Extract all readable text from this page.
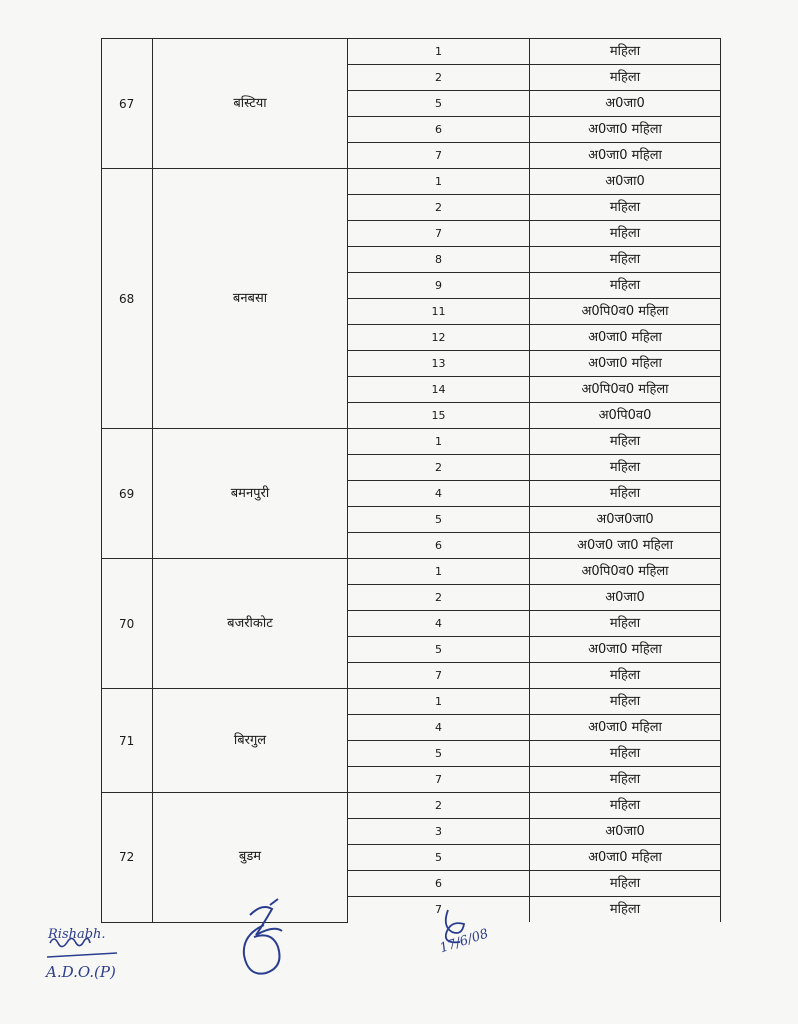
67	बस्टिया	1	महिला
		2	महिला
		5	अ0जा0
		6	अ0जा0 महिला
		7	अ0जा0 महिला
68	बनबसा	1	अ0जा0
		2	महिला
		7	महिला
		8	महिला
		9	महिला
		11	अ0पि0व0 महिला
		12	अ0जा0 महिला
		13	अ0जा0 महिला
		14	अ0पि0व0 महिला
		15	अ0पि0व0
69	बमनपुरी	1	महिला
		2	महिला
		4	महिला
		5	अ0ज0जा0
		6	अ0ज0 जा0 महिला
70	बजरीकोट	1	अ0पि0व0 महिला
		2	अ0जा0
		4	महिला
		5	अ0जा0 महिला
		7	महिला
71	बिरगुल	1	महिला
		4	अ0जा0 महिला
		5	महिला
		7	महिला
72	बुडम	2	महिला
		3	अ0जा0
		5	अ0जा0 महिला
		6	महिला
		7	महिला
Rishabh.
A.D.O.(P)
17/6/08
